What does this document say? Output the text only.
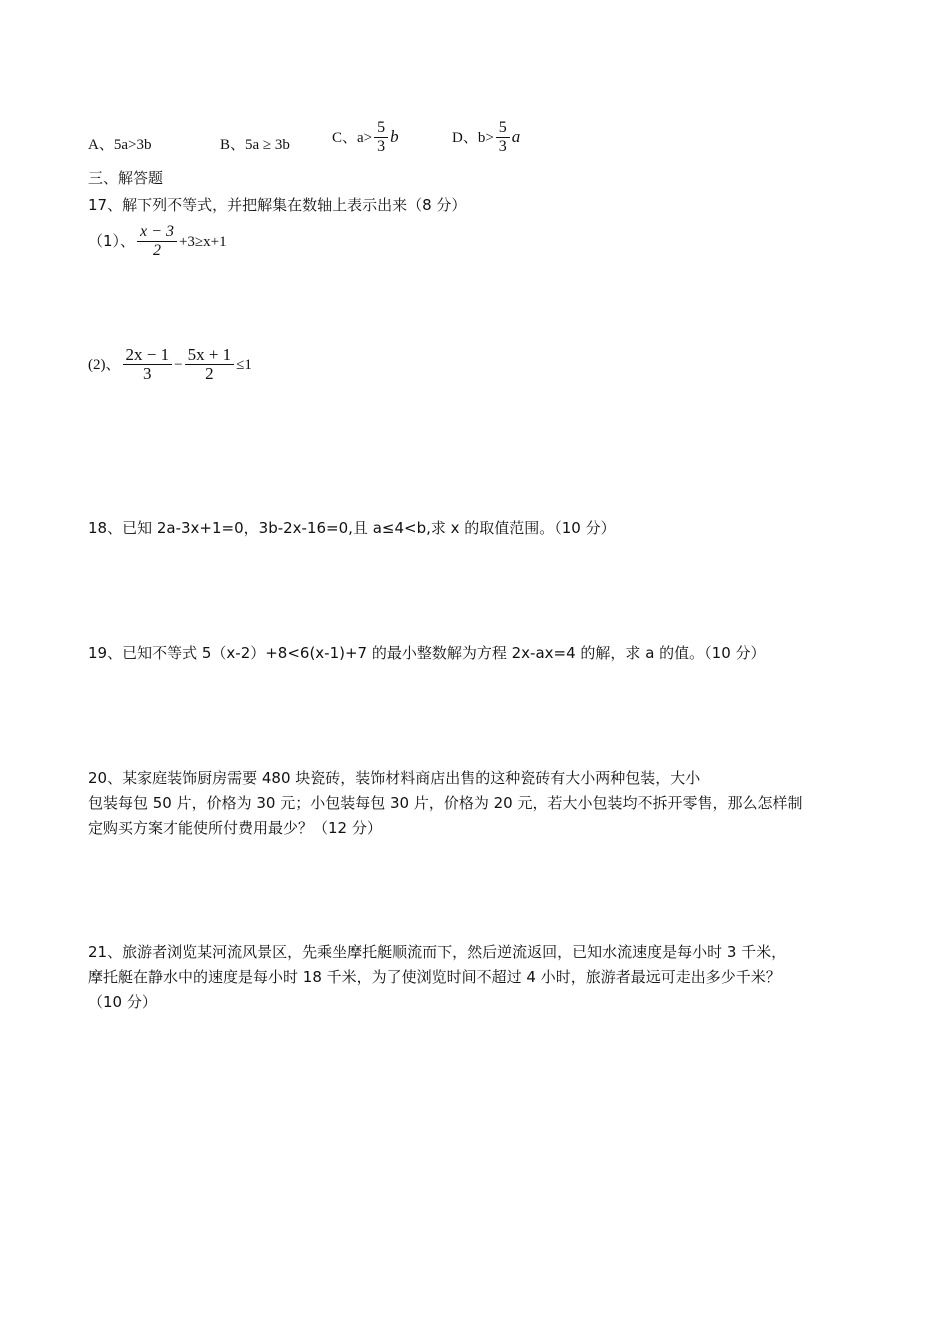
A、5a>3b	B、5a ≥ 3b	C、$a> \frac{5}{3}$ b	D、$b> \frac{5}{3}$ a
三、解答题
17、解下列不等式，并把解集在数轴上表示出来（8 分）
（1）、 $\frac{x - 3}{2} +3\ge x+1$
(2)、 $\frac{2x - 1}{3} - \frac{5x + 1}{2} \le 1$
18、已知 2a-3x+1=0，3b-2x-16=0,且 a≤4<b,求 x 的取值范围。（10 分）
19、已知不等式 5（x-2）+8<6(x-1)+7 的最小整数解为方程 2x-ax=4 的解，求 a 的值。（10 分）
20、某家庭装饰厨房需要 480 块瓷砖，装饰材料商店出售的这种瓷砖有大小两种包装，大小
包装每包 50 片，价格为 30 元；小包装每包 30 片，价格为 20 元，若大小包装均不拆开零售，那么怎样制
定购买方案才能使所付费用最少？（12 分）
21、旅游者浏览某河流风景区，先乘坐摩托艇顺流而下，然后逆流返回，已知水流速度是每小时 3 千米，
摩托艇在静水中的速度是每小时 18 千米，为了使浏览时间不超过 4 小时，旅游者最远可走出多少千米？
（10 分）
